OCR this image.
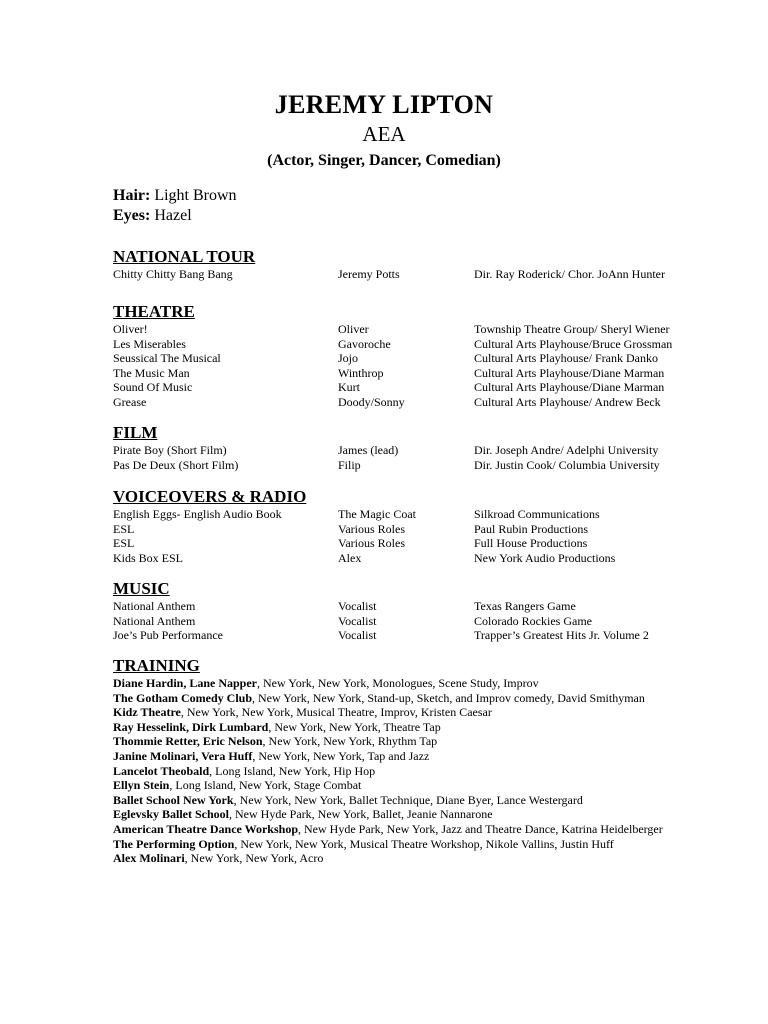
JEREMY LIPTON
AEA
(Actor, Singer, Dancer, Comedian)
Hair: Light Brown
Eyes: Hazel
NATIONAL TOUR
Chitty Chitty Bang Bang	Jeremy Potts	Dir. Ray Roderick/ Chor. JoAnn Hunter
THEATRE
Oliver!	Oliver	Township Theatre Group/ Sheryl Wiener
Les Miserables	Gavoroche	Cultural Arts Playhouse/Bruce Grossman
Seussical The Musical	Jojo	Cultural Arts Playhouse/ Frank Danko
The Music Man	Winthrop	Cultural Arts Playhouse/Diane Marman
Sound Of Music	Kurt	Cultural Arts Playhouse/Diane Marman
Grease	Doody/Sonny	Cultural Arts Playhouse/ Andrew Beck
FILM
Pirate Boy (Short Film)	James (lead)	Dir. Joseph Andre/ Adelphi University
Pas De Deux (Short Film)	Filip	Dir. Justin Cook/ Columbia University
VOICEOVERS & RADIO
English Eggs- English Audio Book	The Magic Coat	Silkroad Communications
ESL	Various Roles	Paul Rubin Productions
ESL	Various Roles	Full House Productions
Kids Box ESL	Alex	New York Audio Productions
MUSIC
National Anthem	Vocalist	Texas Rangers Game
National Anthem	Vocalist	Colorado Rockies Game
Joe’s Pub Performance	Vocalist	Trapper’s Greatest Hits Jr. Volume 2
TRAINING
Diane Hardin, Lane Napper, New York, New York, Monologues, Scene Study, Improv
The Gotham Comedy Club, New York, New York, Stand-up, Sketch, and Improv comedy, David Smithyman
Kidz Theatre, New York, New York, Musical Theatre, Improv, Kristen Caesar
Ray Hesselink, Dirk Lumbard, New York, New York, Theatre Tap
Thommie Retter, Eric Nelson, New York, New York, Rhythm Tap
Janine Molinari, Vera Huff, New York, New York, Tap and Jazz
Lancelot Theobald, Long Island, New York, Hip Hop
Ellyn Stein, Long Island, New York, Stage Combat
Ballet School New York, New York, New York, Ballet Technique, Diane Byer, Lance Westergard
Eglevsky Ballet School, New Hyde Park, New York, Ballet, Jeanie Nannarone
American Theatre Dance Workshop, New Hyde Park, New York, Jazz and Theatre Dance, Katrina Heidelberger
The Performing Option, New York, New York, Musical Theatre Workshop, Nikole Vallins, Justin Huff
Alex Molinari, New York, New York, Acro
